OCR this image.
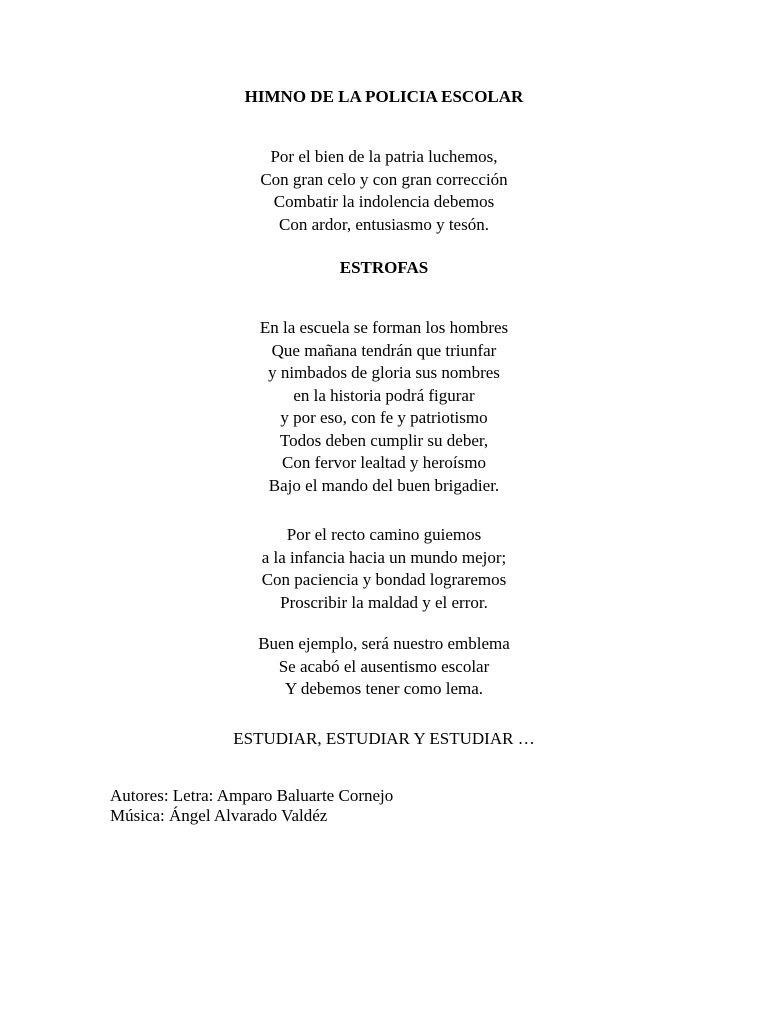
HIMNO DE LA POLICIA ESCOLAR
Por el bien de la patria luchemos,
Con gran celo y con gran corrección
Combatir la indolencia debemos
Con ardor, entusiasmo y tesón.
ESTROFAS
En la escuela se forman los hombres
Que mañana tendrán que triunfar
y nimbados de gloria sus nombres
en la historia podrá figurar
y por eso, con fe y patriotismo
Todos deben cumplir su deber,
Con fervor lealtad y heroísmo
Bajo el mando del buen brigadier.
Por el recto camino guiemos
a la infancia hacia un mundo mejor;
Con paciencia y bondad lograremos
Proscribir la maldad y el error.
Buen ejemplo, será nuestro emblema
Se acabó el ausentismo escolar
Y debemos tener como lema.
ESTUDIAR, ESTUDIAR Y ESTUDIAR …
Autores: Letra: Amparo Baluarte Cornejo
Música: Ángel Alvarado Valdéz
